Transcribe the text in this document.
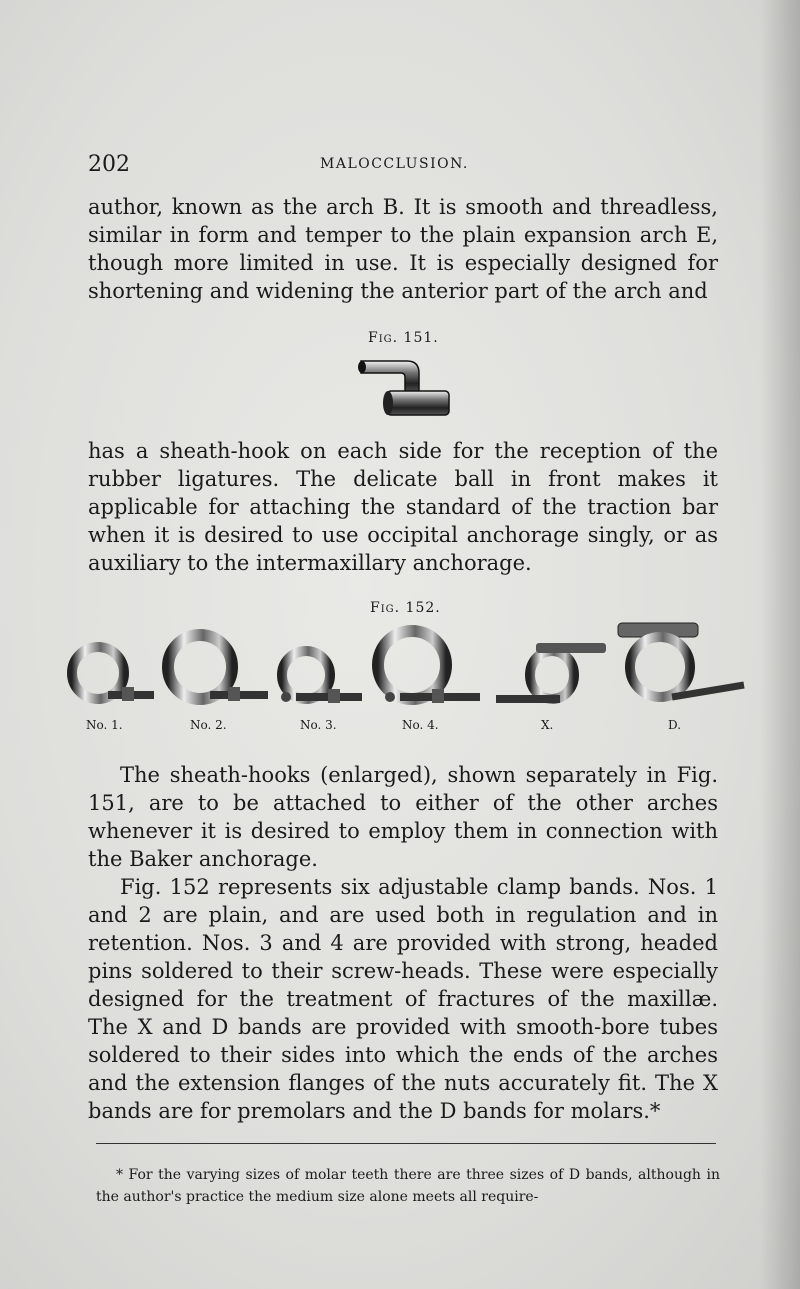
202	MALOCCLUSION.

author, known as the arch B. It is smooth and threadless, similar in form and temper to the plain expansion arch E, though more limited in use. It is especially designed for shortening and widening the anterior part of the arch and

Fig. 151.

has a sheath-hook on each side for the reception of the rubber ligatures. The delicate ball in front makes it applicable for attaching the standard of the traction bar when it is desired to use occipital anchorage singly, or as auxiliary to the intermaxillary anchorage.

Fig. 152.
No. 1.	No. 2.	No. 3.	No. 4.	X.	D.

The sheath-hooks (enlarged), shown separately in Fig. 151, are to be attached to either of the other arches whenever it is desired to employ them in connection with the Baker anchorage.

Fig. 152 represents six adjustable clamp bands. Nos. 1 and 2 are plain, and are used both in regulation and in retention. Nos. 3 and 4 are provided with strong, headed pins soldered to their screw-heads. These were especially designed for the treatment of fractures of the maxillæ. The X and D bands are provided with smooth-bore tubes soldered to their sides into which the ends of the arches and the extension flanges of the nuts accurately fit. The X bands are for premolars and the D bands for molars.*

* For the varying sizes of molar teeth there are three sizes of D bands, although in the author's practice the medium size alone meets all require-
